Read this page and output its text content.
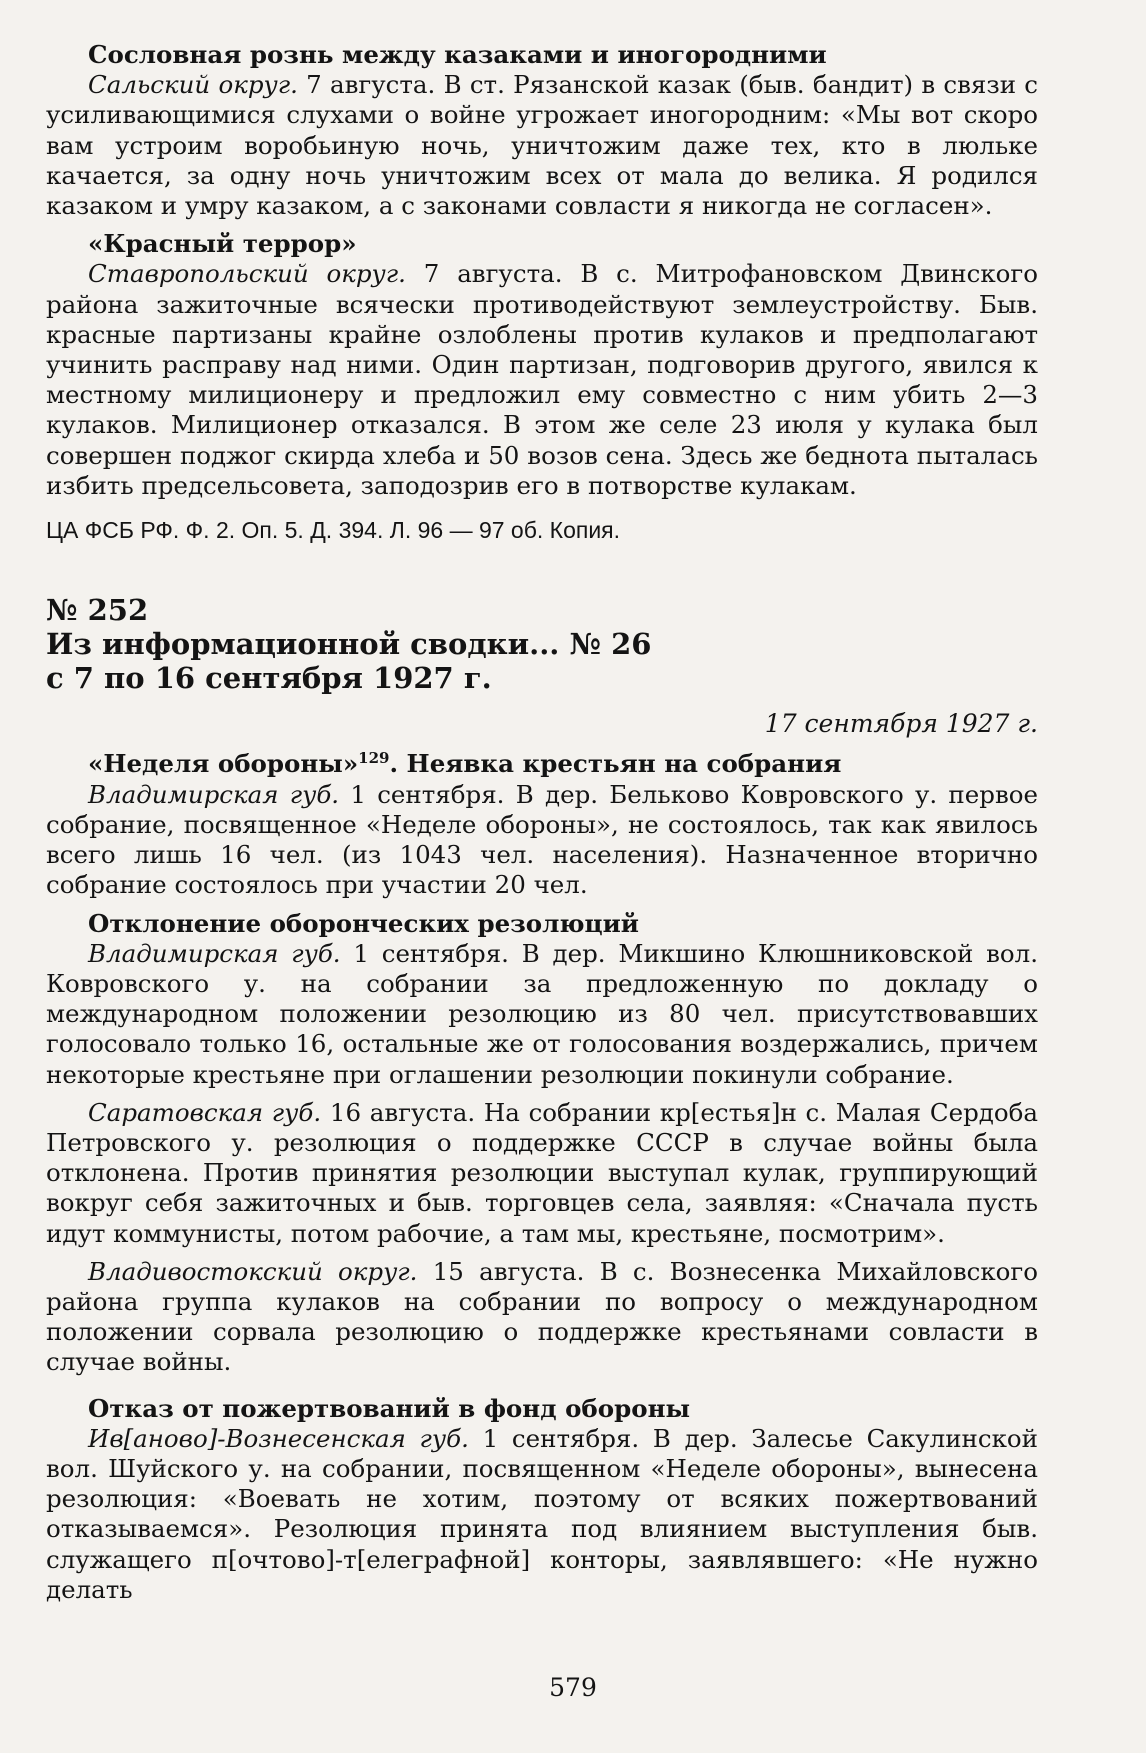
Сословная рознь между казаками и иногородними

Сальский округ. 7 августа. В ст. Рязанской казак (быв. бандит) в связи с усиливающимися слухами о войне угрожает иногородним: «Мы вот скоро вам устроим воробьиную ночь, уничтожим даже тех, кто в люльке качается, за одну ночь уничтожим всех от мала до велика. Я родился казаком и умру казаком, а с законами совласти я никогда не согласен».

«Красный террор»

Ставропольский округ. 7 августа. В с. Митрофановском Двинского района зажиточные всячески противодействуют землеустройству. Быв. красные партизаны крайне озлоблены против кулаков и предполагают учинить расправу над ними. Один партизан, подговорив другого, явился к местному милиционеру и предложил ему совместно с ним убить 2—3 кулаков. Милиционер отказался. В этом же селе 23 июля у кулака был совершен поджог скирда хлеба и 50 возов сена. Здесь же беднота пыталась избить предсельсовета, заподозрив его в потворстве кулакам.

ЦА ФСБ РФ. Ф. 2. Оп. 5. Д. 394. Л. 96 — 97 об. Копия.

№ 252

Из информационной сводки... № 26

с 7 по 16 сентября 1927 г.

17 сентября 1927 г.

«Неделя обороны»$^{129}$. Неявка крестьян на собрания

Владимирская губ. 1 сентября. В дер. Бельково Ковровского у. первое собрание, посвященное «Неделе обороны», не состоялось, так как явилось всего лишь 16 чел. (из 1043 чел. населения). Назначенное вторично собрание состоялось при участии 20 чел.

Отклонение оборонческих резолюций

Владимирская губ. 1 сентября. В дер. Микшино Клюшниковской вол. Ковровского у. на собрании за предложенную по докладу о международном положении резолюцию из 80 чел. присутствовавших голосовало только 16, остальные же от голосования воздержались, причем некоторые крестьяне при оглашении резолюции покинули собрание.

Саратовская губ. 16 августа. На собрании кр[естья]н с. Малая Сердоба Петровского у. резолюция о поддержке СССР в случае войны была отклонена. Против принятия резолюции выступал кулак, группирующий вокруг себя зажиточных и быв. торговцев села, заявляя: «Сначала пусть идут коммунисты, потом рабочие, а там мы, крестьяне, посмотрим».

Владивостокский округ. 15 августа. В с. Вознесенка Михайловского района группа кулаков на собрании по вопросу о международном положении сорвала резолюцию о поддержке крестьянами совласти в случае войны.

Отказ от пожертвований в фонд обороны

Ив[аново]-Вознесенская губ. 1 сентября. В дер. Залесье Сакулинской вол. Шуйского у. на собрании, посвященном «Неделе обороны», вынесена резолюция: «Воевать не хотим, поэтому от всяких пожертвований отказываемся». Резолюция принята под влиянием выступления быв. служащего п[очтово]-т[елеграфной] конторы, заявлявшего: «Не нужно делать

579
